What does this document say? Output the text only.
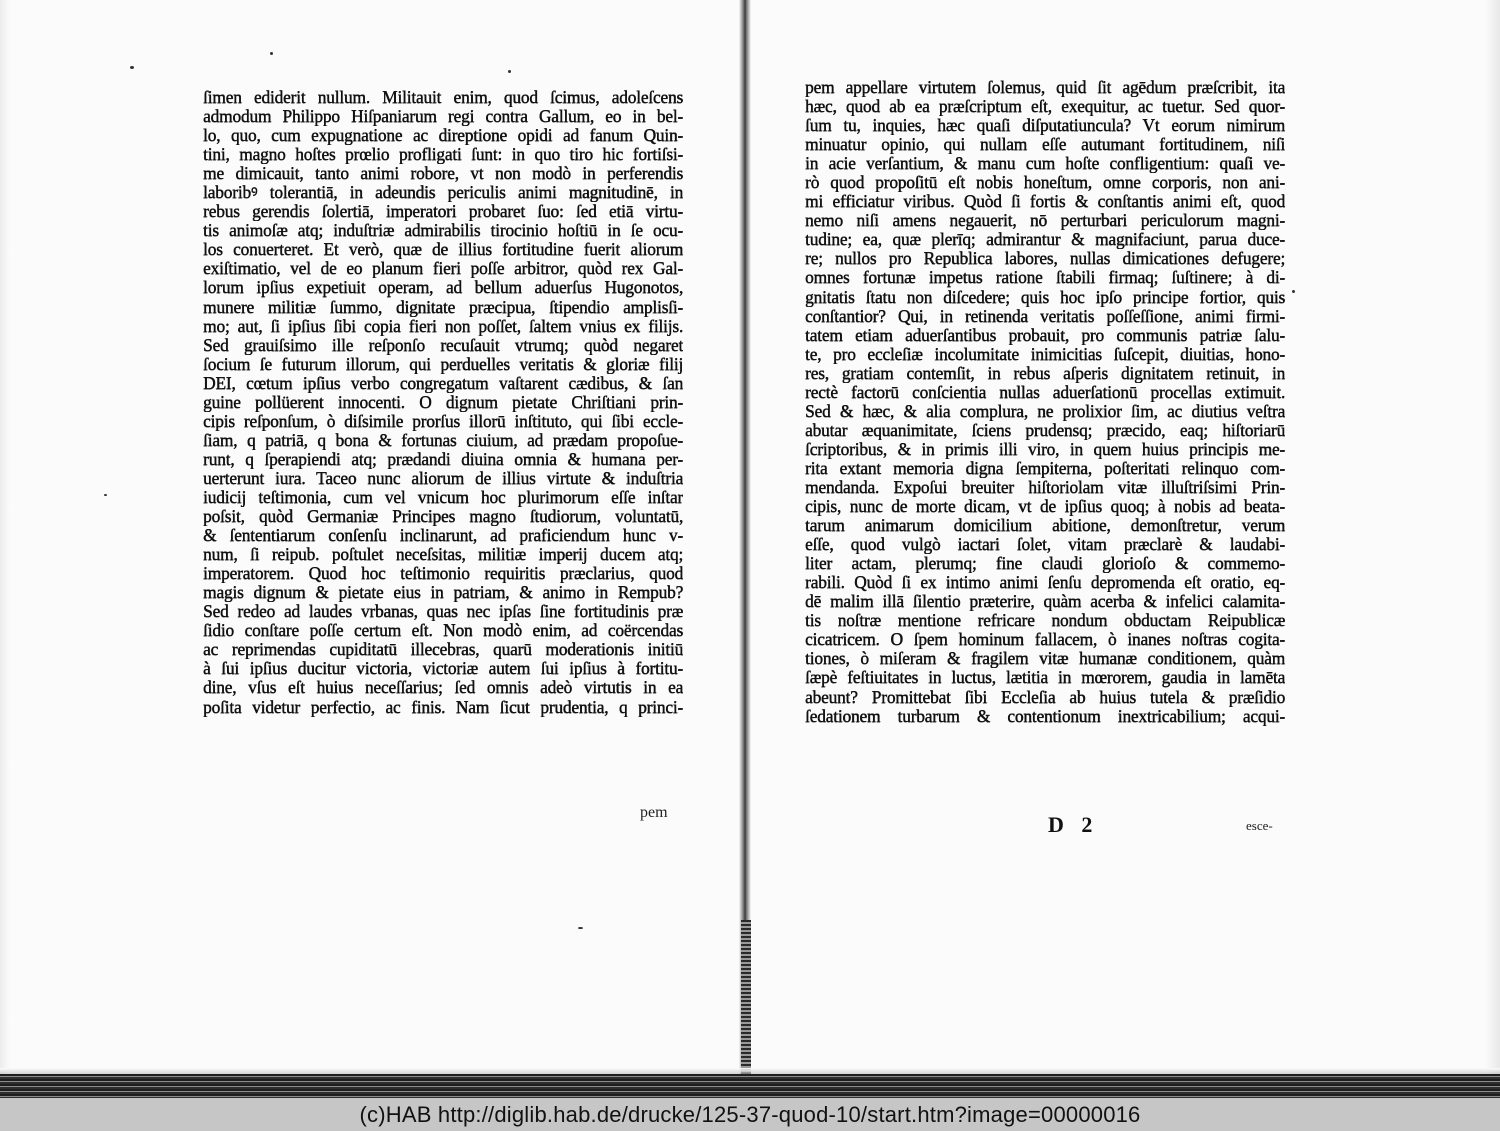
ſimen ediderit nullum. Militauit enim, quod ſcimus, adoleſcens
admodum Philippo Hiſpaniarum regi contra Gallum, eo in bel-
lo, quo, cum expugnatione ac direptione opidi ad fanum Quin-
tini, magno hoſtes prœlio profligati ſunt: in quo tiro hic fortiſsi-
me dimicauit, tanto animi robore, vt non modò in perferendis
laboribꝰ tolerantiā, in adeundis periculis animi magnitudinē, in
rebus gerendis ſolertiā, imperatori probaret ſuo: ſed etiā virtu-
tis animoſæ atq; induſtriæ admirabilis tirocinio hoſtiū in ſe ocu-
los conuerteret. Et verò, quæ de illius fortitudine fuerit aliorum
exiſtimatio, vel de eo planum fieri poſſe arbitror, quòd rex Gal-
lorum ipſius expetiuit operam, ad bellum aduerſus Hugonotos,
munere militiæ ſummo, dignitate præcipua, ſtipendio amplisſi-
mo; aut, ſi ipſius ſibi copia fieri non poſſet, ſaltem vnius ex filijs.
Sed grauiſsimo ille reſponſo recuſauit vtrumq; quòd negaret
ſocium ſe futurum illorum, qui perduelles veritatis & gloriæ filij
DEI, cœtum ipſius verbo congregatum vaſtarent cædibus, & ſan
guine pollüerent innocenti. O dignum pietate Chriſtiani prin-
cipis reſponſum, ò diſsimile prorſus illorū inſtituto, qui ſibi eccle-
ſiam, q patriā, q bona & fortunas ciuium, ad prædam propoſue-
runt, q ſperapiendi atq; prædandi diuina omnia & humana per-
uerterunt iura. Taceo nunc aliorum de illius virtute & induſtria
iudicij teſtimonia, cum vel vnicum hoc plurimorum eſſe inſtar
poſsit, quòd Germaniæ Principes magno ſtudiorum, voluntatū,
& ſententiarum conſenſu inclinarunt, ad praficiendum hunc v-
num, ſi reipub. poſtulet neceſsitas, militiæ imperij ducem atq;
imperatorem. Quod hoc teſtimonio requiritis præclarius, quod
magis dignum & pietate eius in patriam, & animo in Rempub?
Sed redeo ad laudes vrbanas, quas nec ipſas ſine fortitudinis præ
ſidio conſtare poſſe certum eſt. Non modò enim, ad coërcendas
ac reprimendas cupiditatū illecebras, quarū moderationis initiū
à ſui ipſius ducitur victoria, victoriæ autem ſui ipſius à fortitu-
dine, vſus eſt huius neceſſarius; ſed omnis adeò virtutis in ea
poſita videtur perfectio, ac finis. Nam ſicut prudentia, q princi-
pem
pem appellare virtutem ſolemus, quid ſit agēdum præſcribit, ita
hæc, quod ab ea præſcriptum eſt, exequitur, ac tuetur. Sed quor-
ſum tu, inquies, hæc quaſi diſputatiuncula? Vt eorum nimirum
minuatur opinio, qui nullam eſſe autumant fortitudinem, niſi
in acie verſantium, & manu cum hoſte confligentium: quaſi ve-
rò quod propoſitū eſt nobis honeſtum, omne corporis, non ani-
mi efficiatur viribus. Quòd ſi fortis & conſtantis animi eſt, quod
nemo niſi amens negauerit, nō perturbari periculorum magni-
tudine; ea, quæ plerīq; admirantur & magnifaciunt, parua duce-
re; nullos pro Republica labores, nullas dimicationes defugere;
omnes fortunæ impetus ratione ſtabili firmaq; ſuſtinere; à di-
gnitatis ſtatu non diſcedere; quis hoc ipſo principe fortior, quis
conſtantior? Qui, in retinenda veritatis poſſeſſione, animi firmi-
tatem etiam aduerſantibus probauit, pro communis patriæ ſalu-
te, pro eccleſiæ incolumitate inimicitias ſuſcepit, diuitias, hono-
res, gratiam contemſit, in rebus aſperis dignitatem retinuit, in
rectè factorū conſcientia nullas aduerſationū procellas extimuit.
Sed & hæc, & alia complura, ne prolixior ſim, ac diutius veſtra
abutar æquanimitate, ſciens prudensq; præcido, eaq; hiſtoriarū
ſcriptoribus, & in primis illi viro, in quem huius principis me-
rita extant memoria digna ſempiterna, poſteritati relinquo com-
mendanda. Expoſui breuiter hiſtoriolam vitæ illuſtriſsimi Prin-
cipis, nunc de morte dicam, vt de ipſius quoq; à nobis ad beata-
tarum animarum domicilium abitione, demonſtretur, verum
eſſe, quod vulgò iactari ſolet, vitam præclarè & laudabi-
liter actam, plerumq; fine claudi glorioſo & commemo-
rabili. Quòd ſi ex intimo animi ſenſu depromenda eſt oratio, eq-
dē malim illā ſilentio præterire, quàm acerba & infelici calamita-
tis noſtræ mentione refricare nondum obductam Reipublicæ
cicatricem. O ſpem hominum fallacem, ò inanes noſtras cogita-
tiones, ò miſeram & fragilem vitæ humanæ conditionem, quàm
ſæpè feſtiuitates in luctus, lætitia in mœrorem, gaudia in lamēta
abeunt? Promittebat ſibi Eccleſia ab huius tutela & præſidio
ſedationem turbarum & contentionum inextricabilium; acqui-
D 2	esce-
(c)HAB http://diglib.hab.de/drucke/125-37-quod-10/start.htm?image=00000016
